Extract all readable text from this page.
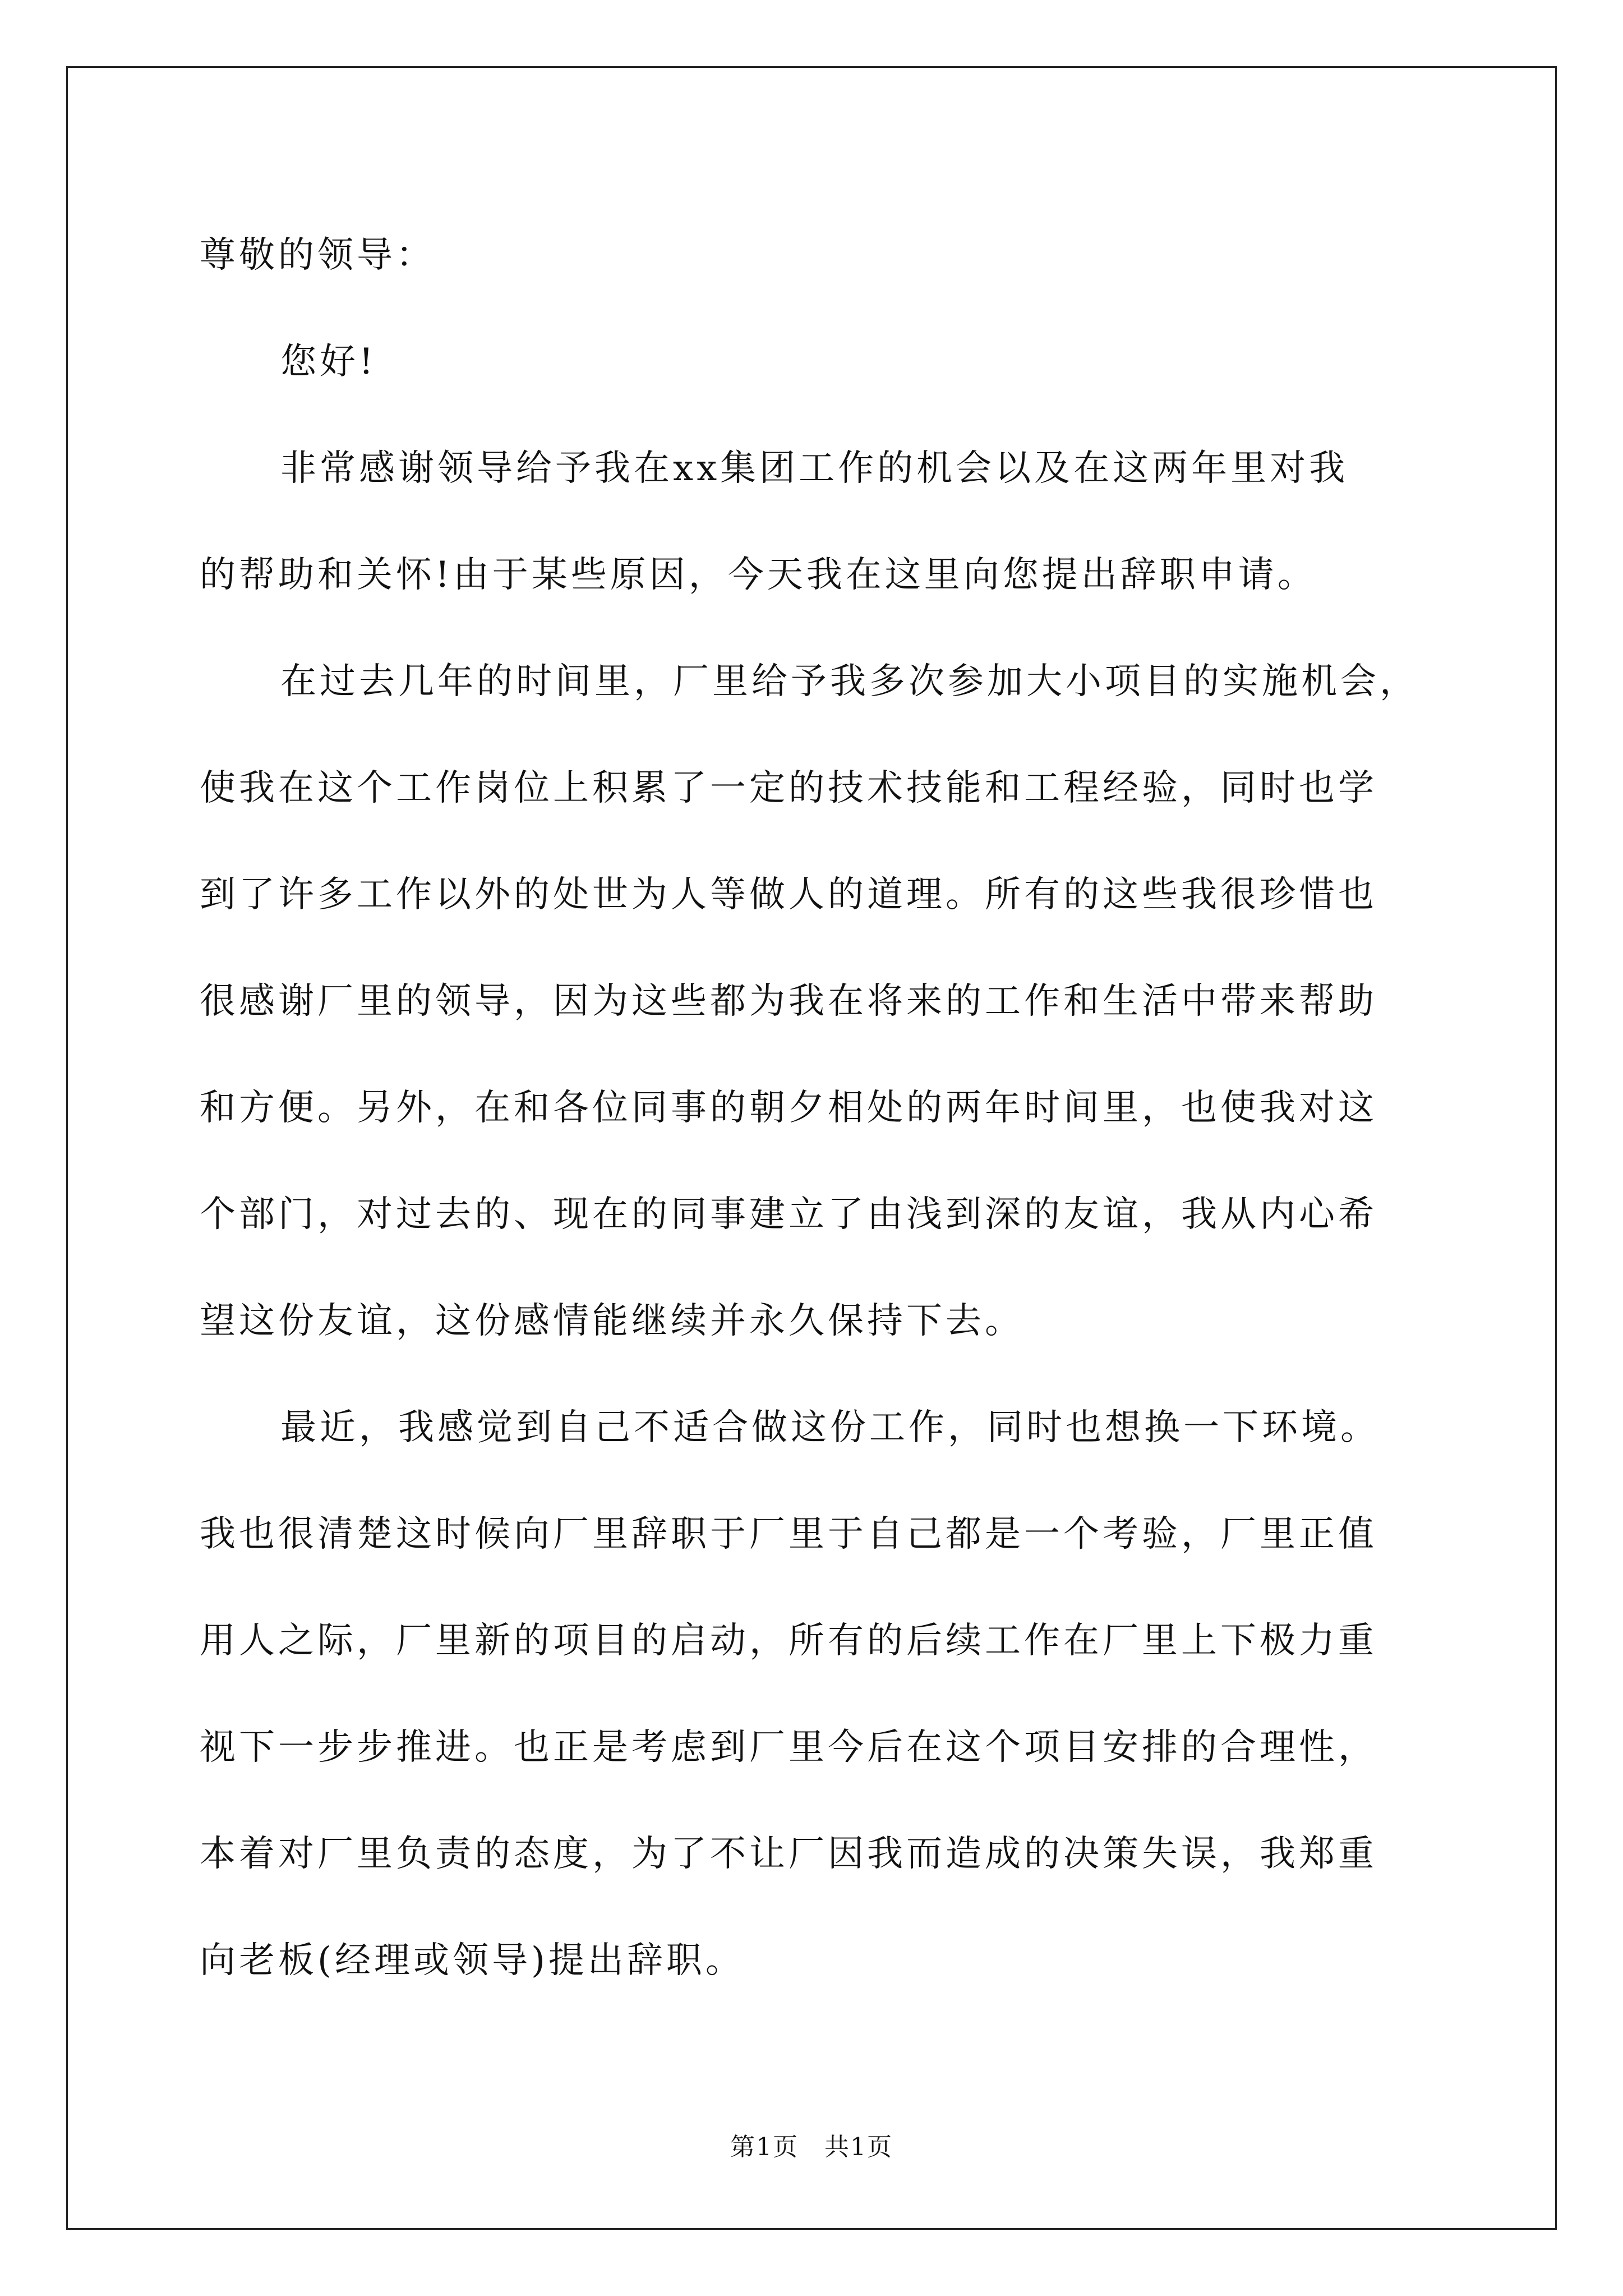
尊敬的领导：
您好!
非常感谢领导给予我在xx集团工作的机会以及在这两年里对我
的帮助和关怀!由于某些原因，今天我在这里向您提出辞职申请。
在过去几年的时间里，厂里给予我多次参加大小项目的实施机会，
使我在这个工作岗位上积累了一定的技术技能和工程经验，同时也学
到了许多工作以外的处世为人等做人的道理。所有的这些我很珍惜也
很感谢厂里的领导，因为这些都为我在将来的工作和生活中带来帮助
和方便。另外，在和各位同事的朝夕相处的两年时间里，也使我对这
个部门，对过去的、现在的同事建立了由浅到深的友谊，我从内心希
望这份友谊，这份感情能继续并永久保持下去。
最近，我感觉到自己不适合做这份工作，同时也想换一下环境。
我也很清楚这时候向厂里辞职于厂里于自己都是一个考验，厂里正值
用人之际，厂里新的项目的启动，所有的后续工作在厂里上下极力重
视下一步步推进。也正是考虑到厂里今后在这个项目安排的合理性，
本着对厂里负责的态度，为了不让厂因我而造成的决策失误，我郑重
向老板(经理或领导)提出辞职。
第1页　共1页
